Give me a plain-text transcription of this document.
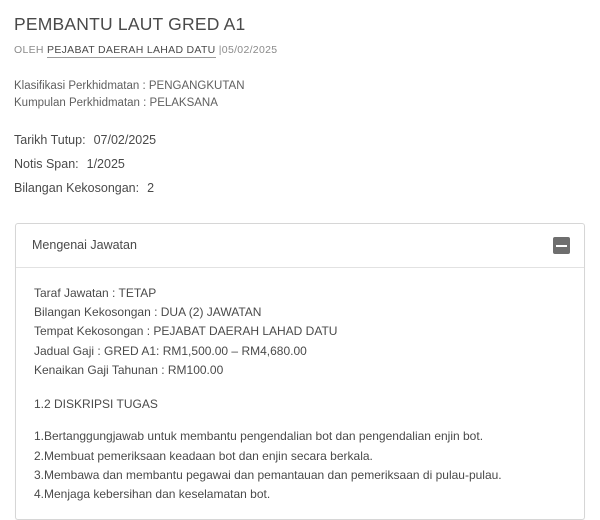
PEMBANTU LAUT GRED A1
OLEH PEJABAT DAERAH LAHAD DATU |05/02/2025
Klasifikasi Perkhidmatan : PENGANGKUTAN
Kumpulan Perkhidmatan : PELAKSANA
Tarikh Tutup: 07/02/2025
Notis Span: 1/2025
Bilangan Kekosongan: 2
Mengenai Jawatan
Taraf Jawatan : TETAP
Bilangan Kekosongan : DUA (2) JAWATAN
Tempat Kekosongan : PEJABAT DAERAH LAHAD DATU
Jadual Gaji : GRED A1: RM1,500.00 – RM4,680.00
Kenaikan Gaji Tahunan : RM100.00
1.2 DISKRIPSI TUGAS
1.Bertanggungjawab untuk membantu pengendalian bot dan pengendalian enjin bot.
2.Membuat pemeriksaan keadaan bot dan enjin secara berkala.
3.Membawa dan membantu pegawai dan pemantauan dan pemeriksaan di pulau-pulau.
4.Menjaga kebersihan dan keselamatan bot.
